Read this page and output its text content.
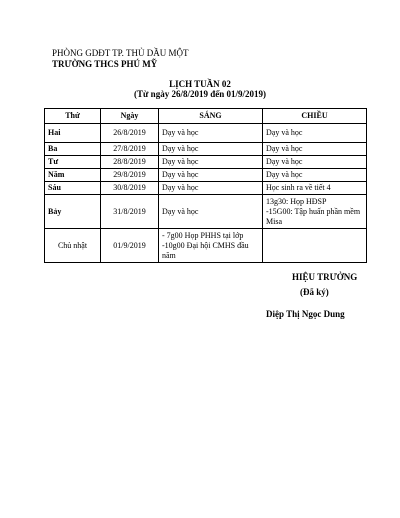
PHÒNG GDĐT TP. THỦ DẦU MỘT
TRƯỜNG THCS PHÚ MỸ
LỊCH TUẦN 02
(Từ ngày 26/8/2019 đến 01/9/2019)
Thứ	Ngày	SÁNG	CHIỀU
Hai	26/8/2019	Dạy và học	Dạy và học
Ba	27/8/2019	Dạy và học	Dạy và học
Tư	28/8/2019	Dạy và học	Dạy và học
Năm	29/8/2019	Dạy và học	Dạy và học
Sáu	30/8/2019	Dạy và học	Học sinh ra về tiết 4
Bảy	31/8/2019	Dạy và học	13g30: Họp HĐSP
-15G00: Tập huấn phần mềm Misa

Chủ nhật	01/9/2019	- 7g00 Họp PHHS tại lớp
-10g00 Đại hội CMHS đầu năm	

HIỆU TRƯỞNG
(Đã ký)
Diệp Thị Ngọc Dung
